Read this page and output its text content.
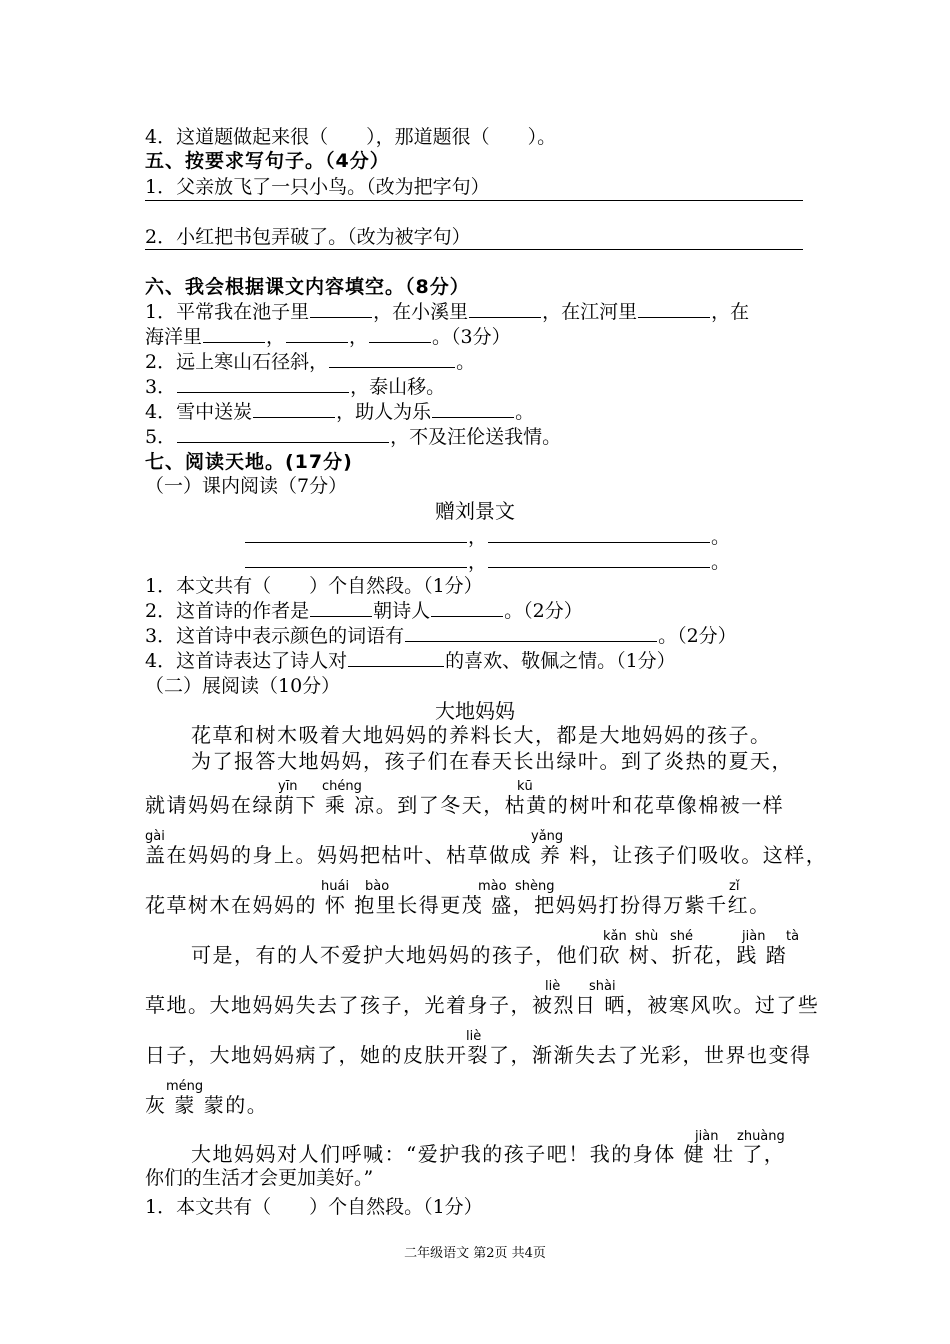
4．这道题做起来很（　　），那道题很（　　）。
五、按要求写句子。（4分）
1．父亲放飞了一只小鸟。（改为把字句）
2．小红把书包弄破了。（改为被字句）
六、我会根据课文内容填空。（8分）
1．平常我在池子里	，在小溪里	，在江河里	，在
海洋里	，	，	。（3分）
2．远上寒山石径斜，	。
3．	，泰山移。
4．雪中送炭	，助人为乐	。
5．	，不及汪伦送我情。
七、阅读天地。(17分)
（一）课内阅读（7分）
赠刘景文
，	。
，	。
1．本文共有（　　）个自然段。（1分）
2．这首诗的作者是	朝诗人	。（2分）
3．这首诗中表示颜色的词语有	。（2分）
4．这首诗表达了诗人对	的喜欢、敬佩之情。（1分）
（二）展阅读（10分）
大地妈妈
花草和树木吸着大地妈妈的养料长大，都是大地妈妈的孩子。
为了报答大地妈妈，孩子们在春天长出绿叶。到了炎热的夏天，
yīn chéng	kū
就请妈妈在绿荫下 乘 凉。到了冬天，枯黄的树叶和花草像棉被一样
gài	yǎng
盖在妈妈的身上。妈妈把枯叶、枯草做成 养 料，让孩子们吸收。这样，
huái bào	mào shèng	zǐ
花草树木在妈妈的 怀 抱里长得更茂 盛，把妈妈打扮得万紫千红。
kǎn shù shé	jiàn tà
可是，有的人不爱护大地妈妈的孩子，他们砍 树、折花，践 踏
liè shài
草地。大地妈妈失去了孩子，光着身子，被烈日 晒，被寒风吹。过了些
liè
日子，大地妈妈病了，她的皮肤开裂了，渐渐失去了光彩，世界也变得
méng
灰 蒙 蒙的。
jiàn zhuàng
大地妈妈对人们呼喊：“爱护我的孩子吧！我的身体 健 壮 了，
你们的生活才会更加美好。”
1．本文共有（　　）个自然段。（1分）
二年级语文 第2页 共4页
